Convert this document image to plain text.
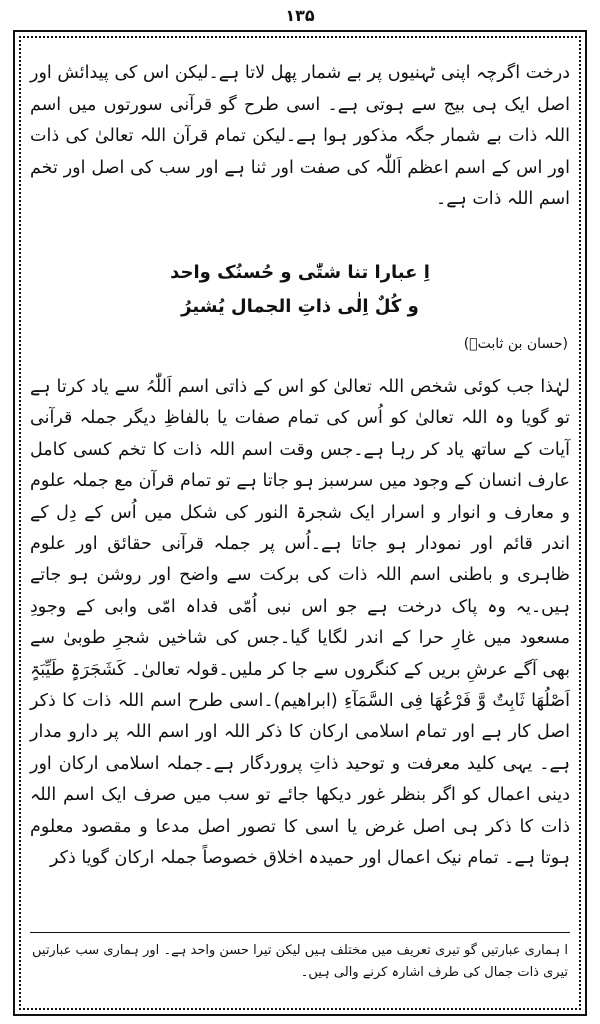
۱۳۵

درخت اگرچہ اپنی ٹہنیوں پر بے شمار پھل لاتا ہے۔لیکن اس کی پیدائش اور اصل ایک ہی بیج سے ہوتی ہے۔ اسی طرح گو قرآنی سورتوں میں اسم اللہ ذات بے شمار جگہ مذکور ہوا ہے۔لیکن تمام قرآن اللہ تعالیٰ کی ذات اور اس کے اسم اعظم اَللّٰہ کی صفت اور ثنا ہے اور سب کی اصل اور تخم اسم اللہ ذات ہے۔

اِ عبارا تنا شتّٰی و حُسنُک واحد
و کُلٌ اِلٰی ذاتِ الجمال یُشیرُ
(حسان بن ثابتؓ)

لہٰذا جب کوئی شخص اللہ تعالیٰ کو اس کے ذاتی اسم اَللّٰہُ سے یاد کرتا ہے تو گویا وہ اللہ تعالیٰ کو اُس کی تمام صفات یا بالفاظِ دیگر جملہ قرآنی آیات کے ساتھ یاد کر رہا ہے۔جس وقت اسم اللہ ذات کا تخم کسی کامل عارف انسان کے وجود میں سرسبز ہو جاتا ہے تو تمام قرآن مع جملہ علوم و معارف و انوار و اسرار ایک شجرۃ النور کی شکل میں اُس کے دِل کے اندر قائم اور نمودار ہو جاتا ہے۔اُس پر جملہ قرآنی حقائق اور علوم ظاہری و باطنی اسم اللہ ذات کی برکت سے واضح اور روشن ہو جاتے ہیں۔یہ وہ پاک درخت ہے جو اس نبی اُمّی فداہ امّی وابی کے وجودِ مسعود میں غارِ حرا کے اندر لگایا گیا۔جس کی شاخیں شجرِ طوبیٰ سے بھی آگے عرشِ بریں کے کنگروں سے جا کر ملیں۔قولہ تعالیٰ۔ کَشَجَرَۃٍ طَیِّبَۃٍ اَصْلُھَا ثَابِتٌ وَّ فَرْعُھَا فِی السَّمَآءِ (ابراھیم)۔اسی طرح اسم اللہ ذات کا ذکر اصل کار ہے اور تمام اسلامی ارکان کا ذکر اللہ اور اسم اللہ پر دارو مدار ہے۔ یہی کلید معرفت و توحید ذاتِ پروردگار ہے۔جملہ اسلامی ارکان اور دینی اعمال کو اگر بنظر غور دیکھا جائے تو سب میں صرف ایک اسم اللہ ذات کا ذکر ہی اصل غرض یا اسی کا تصور اصل مدعا و مقصود معلوم ہوتا ہے۔ تمام نیک اعمال اور حمیدہ اخلاق خصوصاً جملہ ارکان گویا ذکر

ا ہماری عبارتیں گو تیری تعریف میں مختلف ہیں لیکن تیرا حسن واحد ہے۔ اور ہماری سب عبارتیں تیری ذات جمال کی طرف اشارہ کرنے والی ہیں۔
